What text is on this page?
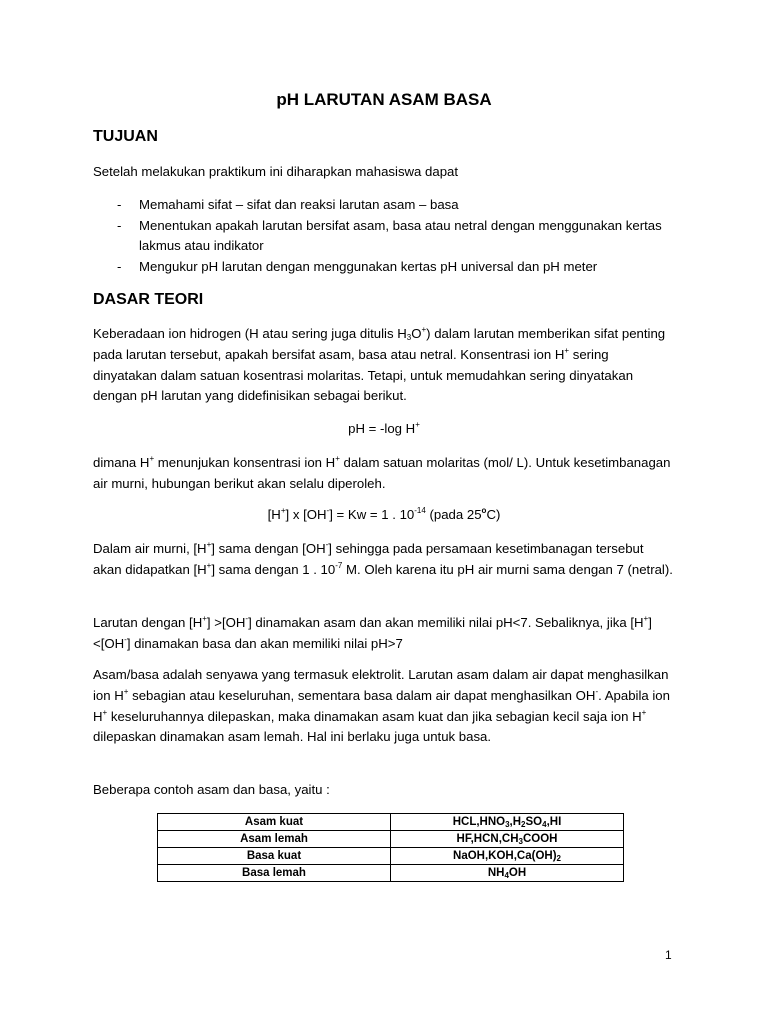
pH LARUTAN ASAM BASA
TUJUAN
Setelah melakukan praktikum ini diharapkan mahasiswa dapat
- Memahami sifat – sifat dan reaksi larutan asam – basa
- Menentukan apakah larutan bersifat asam, basa atau netral dengan menggunakan kertas lakmus atau indikator
- Mengukur pH larutan dengan menggunakan kertas pH universal dan pH meter
DASAR TEORI
Keberadaan ion hidrogen (H atau sering juga ditulis $H_3O^+$) dalam larutan memberikan sifat penting pada larutan tersebut, apakah bersifat asam, basa atau netral. Konsentrasi ion H+ sering dinyatakan dalam satuan kosentrasi molaritas. Tetapi, untuk memudahkan sering dinyatakan dengan pH larutan yang didefinisikan sebagai berikut.
pH = -log H+
dimana H+ menunjukan konsentrasi ion H+ dalam satuan molaritas (mol/ L). Untuk kesetimbanagan air murni, hubungan berikut akan selalu diperoleh.
[H+] x [OH-] = Kw = 1 . $10^{-14}$ (pada 25$^o$C)
Dalam air murni, [H+] sama dengan [OH-] sehingga pada persamaan kesetimbanagan tersebut akan didapatkan [H+] sama dengan 1 . $10^{-7}$ M. Oleh karena itu pH air murni sama dengan 7 (netral).
Larutan dengan [H+] >[OH-] dinamakan asam dan akan memiliki nilai pH<7. Sebaliknya, jika [H+] <[OH-] dinamakan basa dan akan memiliki nilai pH>7
Asam/basa adalah senyawa yang termasuk elektrolit. Larutan asam dalam air dapat menghasilkan ion H+ sebagian atau keseluruhan, sementara basa dalam air dapat menghasilkan OH-. Apabila ion H+ keseluruhannya dilepaskan, maka dinamakan asam kuat dan jika sebagian kecil saja ion H+ dilepaskan dinamakan asam lemah. Hal ini berlaku juga untuk basa.
Beberapa contoh asam dan basa, yaitu :
Asam kuat	$HCL,HNO_3,H_2SO_4,HI$
Asam lemah	$HF,HCN,CH_3COOH$
Basa kuat	$NaOH,KOH,Ca(OH)_2$
Basa lemah	$NH_4OH$
1
